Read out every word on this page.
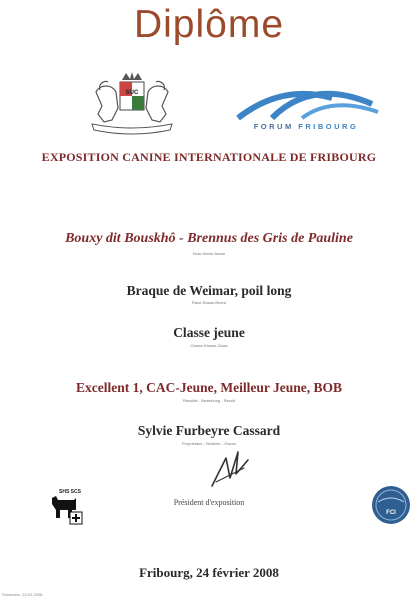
Diplôme
SUC
FORUM FRIBOURG
EXPOSITION CANINE INTERNATIONALE DE FRIBOURG
Bouxy dit Bouskhô - Brennus des Gris de Pauline
Nom-Name-Name
Braque de Weimar, poil long
Race-Rasse-Breed
Classe jeune
Classe-Klasse-Class
Excellent 1, CAC-Jeune, Meilleur Jeune, BOB
Résultat - Bewertung - Result
Sylvie Furbeyre Cassard
Propriétaire - Besitzer - Owner
Président d'exposition
SHS SCS
FCI
Fribourg, 24 février 2008
Dimanche, 24.02.2008
